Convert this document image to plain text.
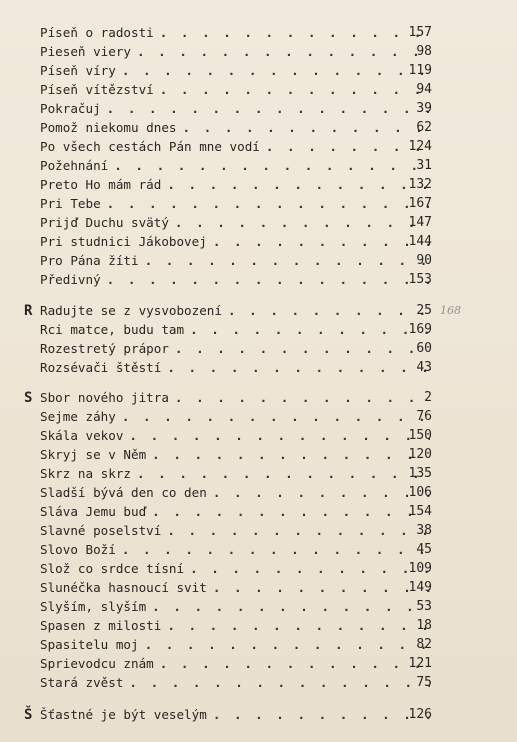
Píseň o radosti . . .	157
Pieseň viery . . .	98
Píseň víry . . .	119
Píseň vítězství . . .	94
Pokračuj . . .	39
Pomož niekomu dnes . . .	62
Po všech cestách Pán mne vodí . . .	124
Požehnání . . .	31
Preto Ho mám rád . . .	132
Pri Tebe . . .	167
Prijď Duchu svätý . . .	147
Pri studnici Jákobovej . . .	144
Pro Pána žíti . . .	90
Předivný . . .	153
R Radujte se z vysvobození . . .	25
Rci matce, budu tam . . .	169
Rozestretý prápor . . .	60
Rozsévači štěstí . . .	43
168
S Sbor nového jitra . . .	2
Sejme záhy . . .	76
Skála vekov . . .	150
Skryj se v Něm . . .	120
Skrz na skrz . . .	135
Sladší bývá den co den . . .	106
Sláva Jemu buď . . .	154
Slavné poselství . . .	38
Slovo Boží . . .	45
Slož co srdce tísní . . .	109
Slunéčka hasnoucí svit . . .	149
Slyším, slyším . . .	53
Spasen z milosti . . .	18
Spasitelu moj . . .	82
Sprievodcu znám . . .	121
Stará zvěst . . .	75
Š Šťastné je být veselým . . .	126
